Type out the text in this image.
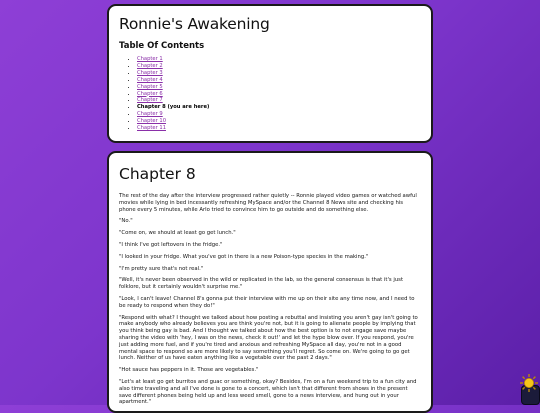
Ronnie's Awakening
Table Of Contents
• Chapter 1
• Chapter 2
• Chapter 3
• Chapter 4
• Chapter 5
• Chapter 6
• Chapter 7
• Chapter 8 (you are here)
• Chapter 9
• Chapter 10
• Chapter 11
Chapter 8

The rest of the day after the interview progressed rather quietly -- Ronnie played video games or watched awful movies while lying in bed incessantly refreshing MySpace and/or the Channel 8 News site and checking his phone every 5 minutes, while Arlo tried to convince him to go outside and do something else.

"No."

"Come on, we should at least go get lunch."

"I think I've got leftovers in the fridge."

"I looked in your fridge. What you've got in there is a new Poison-type species in the making."

"I'm pretty sure that's not real."

"Well, it's never been observed in the wild or replicated in the lab, so the general consensus is that it's just folklore, but it certainly wouldn't surprise me."

"Look, I can't leave! Channel 8's gonna put their interview with me up on their site any time now, and I need to be ready to respond when they do!"

"Respond with what? I thought we talked about how posting a rebuttal and insisting you aren't gay isn't going to make anybody who already believes you are think you're not, but it is going to alienate people by implying that you think being gay is bad. And I thought we talked about how the best option is to not engage save maybe sharing the video with 'hey, I was on the news, check it out!' and let the hype blow over. If you respond, you're just adding more fuel, and if you're tired and anxious and refreshing MySpace all day, you're not in a good mental space to respond so are more likely to say something you'll regret. So come on. We're going to go get lunch. Neither of us have eaten anything like a vegetable over the past 2 days."

"Hot sauce has peppers in it. Those are vegetables."

"Let's at least go get burritos and guac or something, okay? Besides, I'm on a fun weekend trip to a fun city and also time traveling and all I've done is gone to a concert, which isn't that different from shows in the present save different phones being held up and less weed smell, gone to a news interview, and hung out in your apartment."
